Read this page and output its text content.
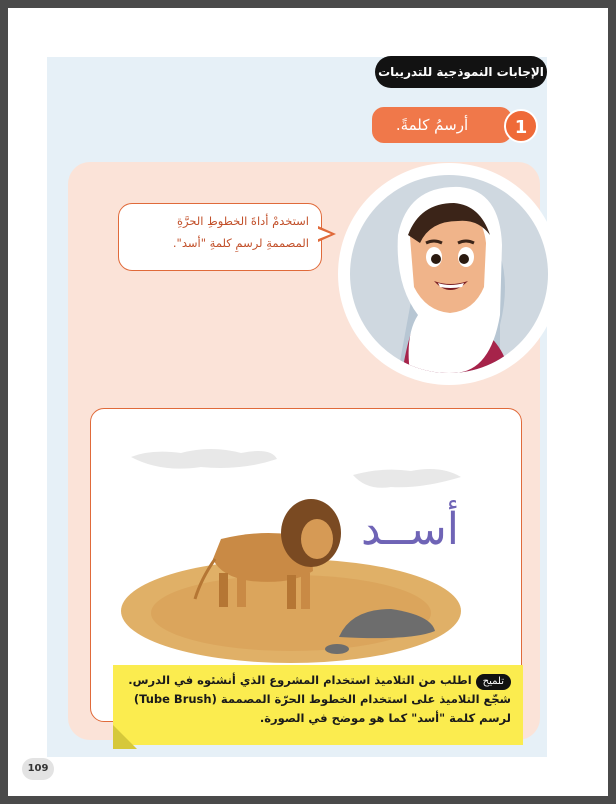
الإجابات النموذجية للتدريبات
أرسمُ كلمةً.	1
استخدمْ أداةَ الخطوطِ الحرَّةِ
المصممةِ لرسمِ كلمةِ "أسد".
أســد
تلميحاطلب من التلاميذ استخدام المشروع الذي أنشئوه في الدرس. شجّع التلاميذ على استخدام الخطوط الحرّة المصممة (Tube Brush) لرسم كلمة "أسد" كما هو موضح في الصورة.
109
